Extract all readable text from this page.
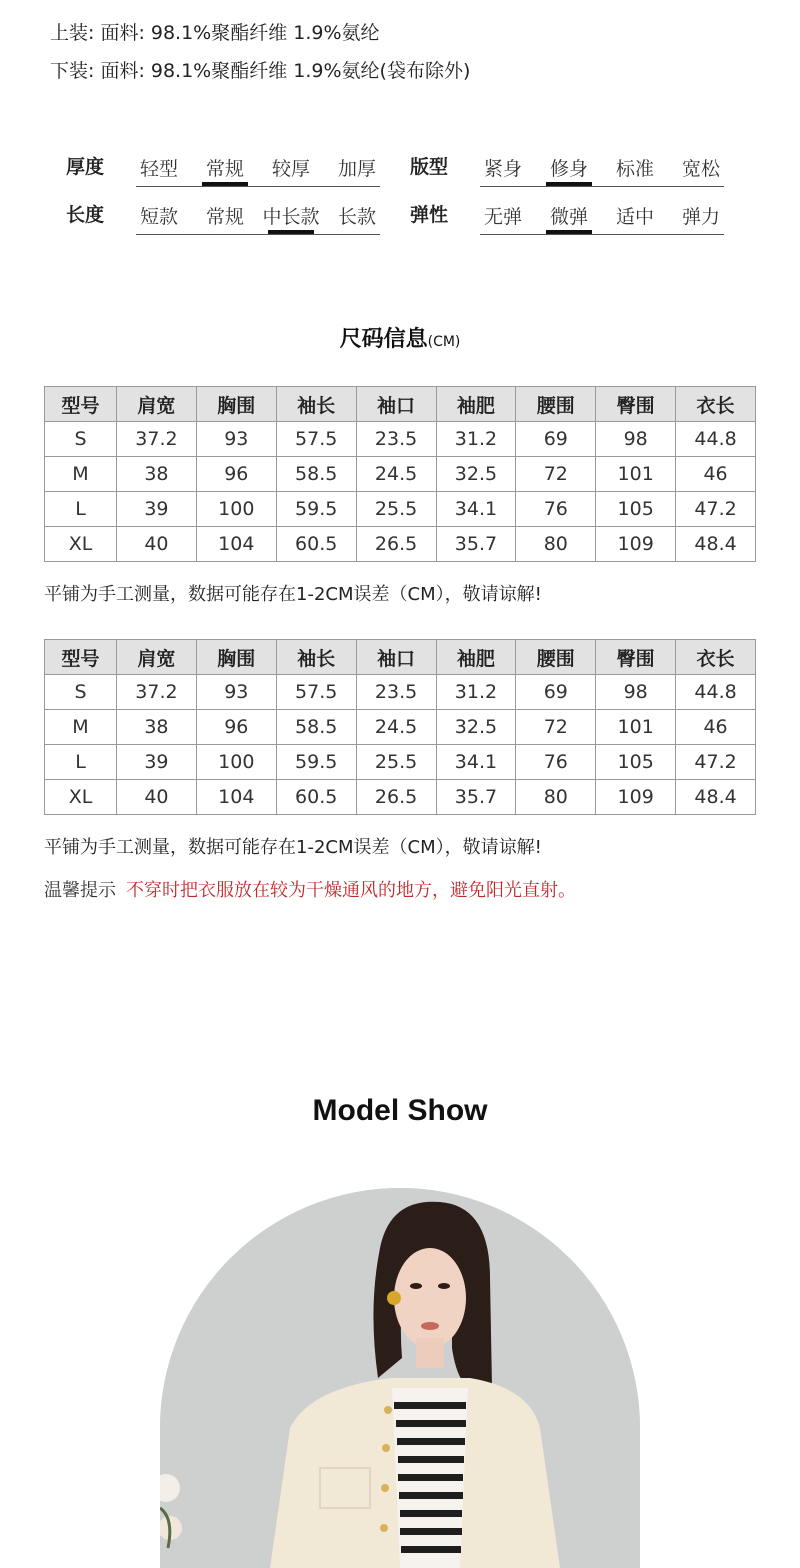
上装: 面料: 98.1%聚酯纤维 1.9%氨纶
下装: 面料: 98.1%聚酯纤维 1.9%氨纶(袋布除外)
厚度	轻型	常规	较厚	加厚	版型	紧身	修身	标准	宽松
长度	短款	常规 中长款 长款	弹性	无弹	微弹	适中	弹力
尺码信息(CM)
型号	肩宽	胸围	袖长	袖口	袖肥	腰围	臀围	衣长
S	37.2	93	57.5	23.5	31.2	69	98	44.8
M	38	96	58.5	24.5	32.5	72	101	46
L	39	100	59.5	25.5	34.1	76	105	47.2
XL	40	104	60.5	26.5	35.7	80	109	48.4
平铺为手工测量，数据可能存在1-2CM误差（CM），敬请谅解!
型号	肩宽	胸围	袖长	袖口	袖肥	腰围	臀围	衣长
S	37.2	93	57.5	23.5	31.2	69	98	44.8
M	38	96	58.5	24.5	32.5	72	101	46
L	39	100	59.5	25.5	34.1	76	105	47.2
XL	40	104	60.5	26.5	35.7	80	109	48.4
平铺为手工测量，数据可能存在1-2CM误差（CM），敬请谅解!
温馨提示 不穿时把衣服放在较为干燥通风的地方，避免阳光直射。
Model Show
